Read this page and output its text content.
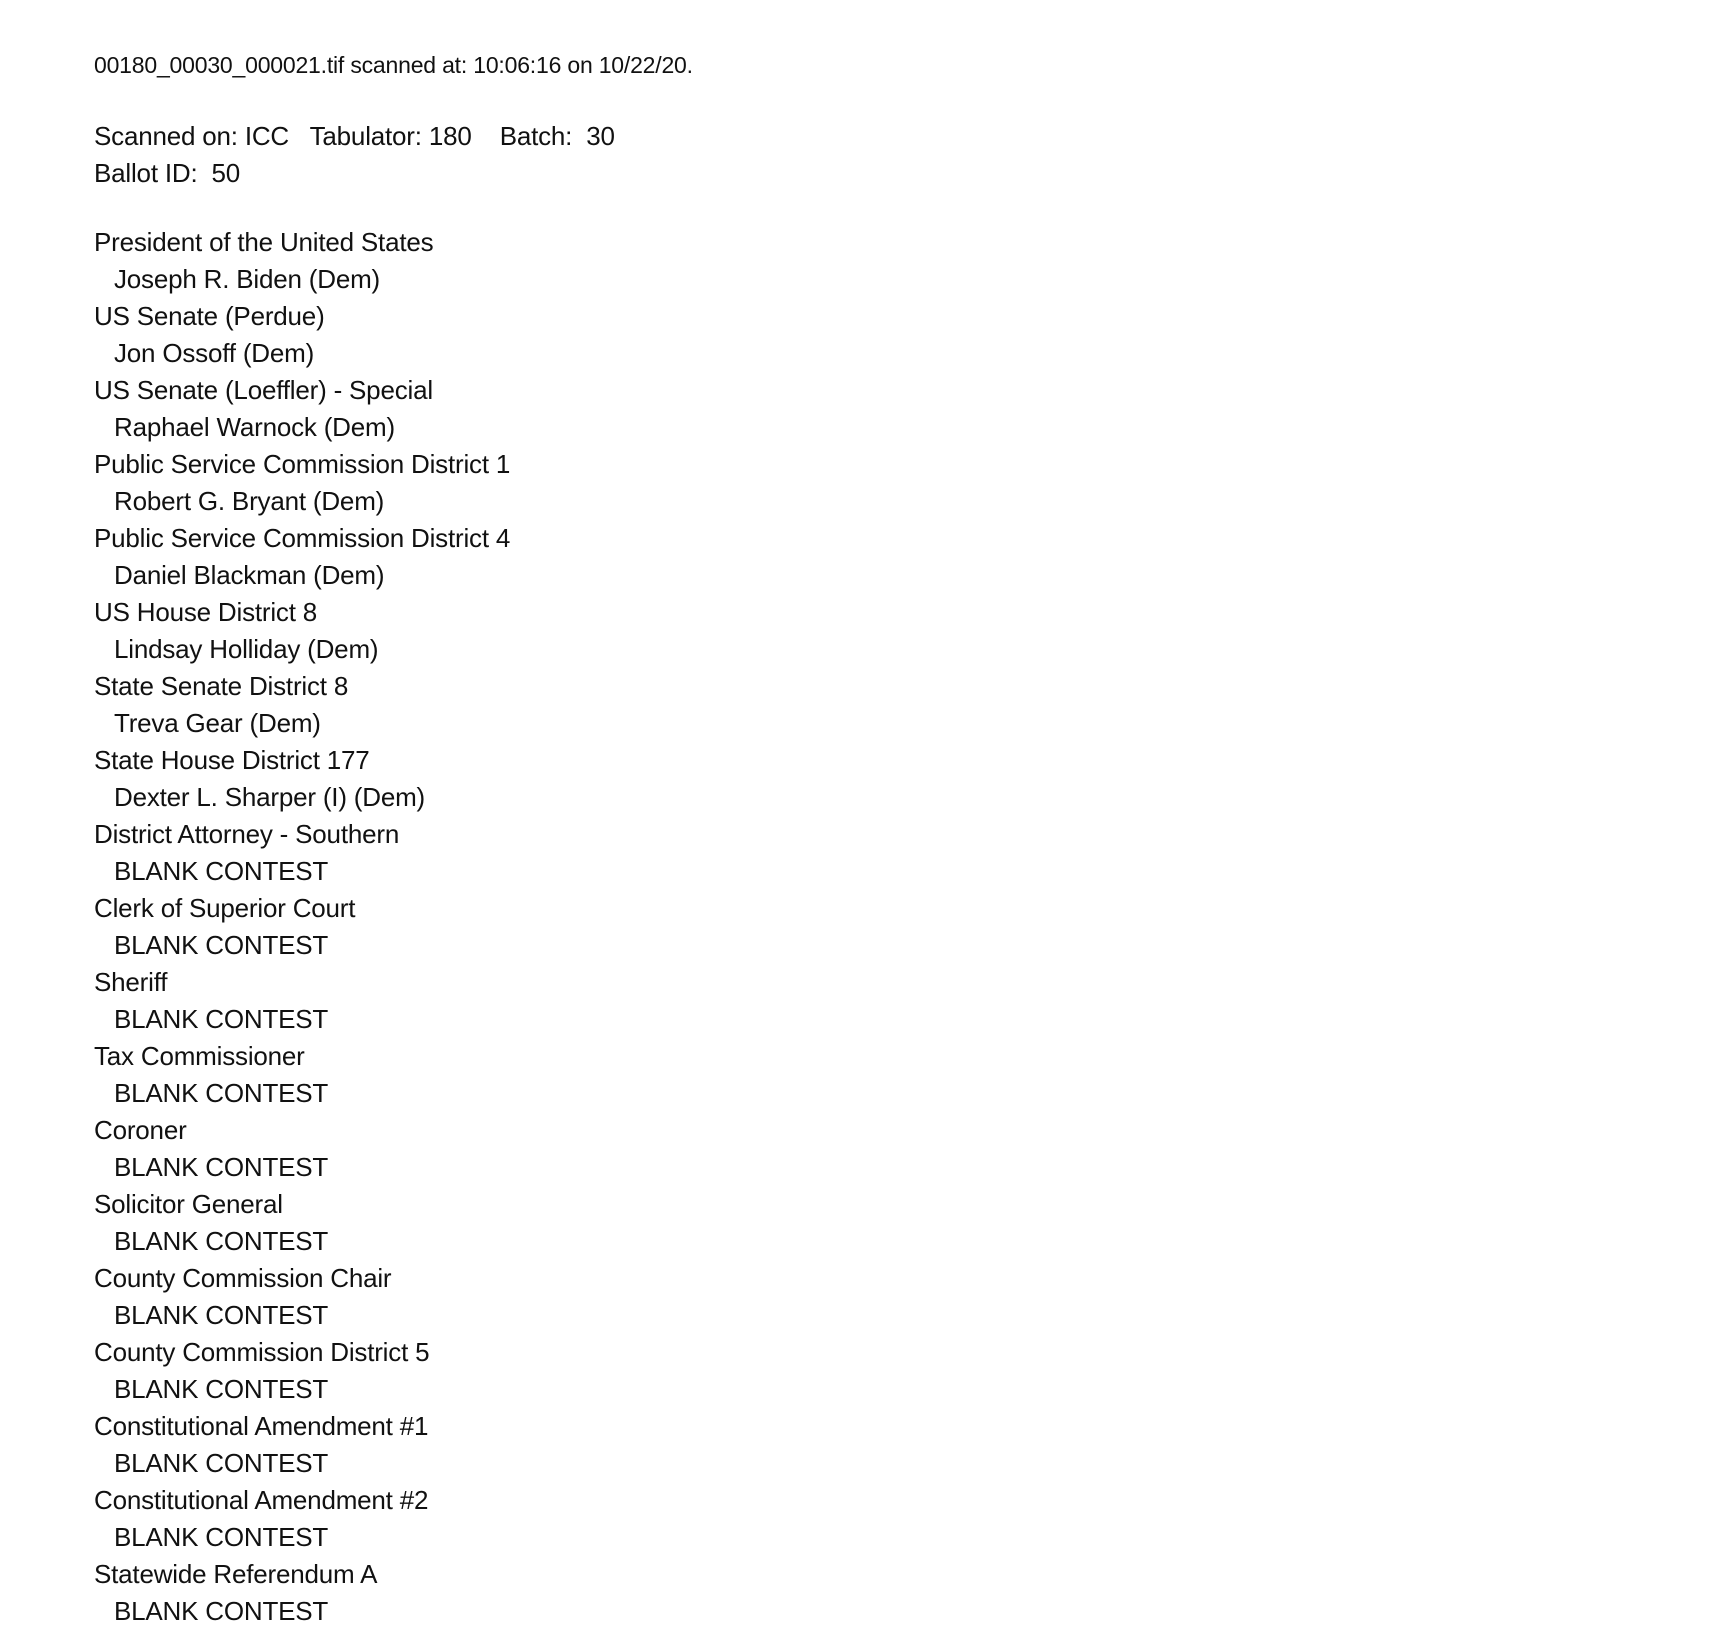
00180_00030_000021.tif scanned at: 10:06:16 on 10/22/20.
Scanned on: ICC   Tabulator: 180    Batch:  30
Ballot ID:  50
President of the United States
Joseph R. Biden (Dem)
US Senate (Perdue)
Jon Ossoff (Dem)
US Senate (Loeffler) - Special
Raphael Warnock (Dem)
Public Service Commission District 1
Robert G. Bryant (Dem)
Public Service Commission District 4
Daniel Blackman (Dem)
US House District 8
Lindsay Holliday (Dem)
State Senate District 8
Treva Gear (Dem)
State House District 177
Dexter L. Sharper (I) (Dem)
District Attorney - Southern
BLANK CONTEST
Clerk of Superior Court
BLANK CONTEST
Sheriff
BLANK CONTEST
Tax Commissioner
BLANK CONTEST
Coroner
BLANK CONTEST
Solicitor General
BLANK CONTEST
County Commission Chair
BLANK CONTEST
County Commission District 5
BLANK CONTEST
Constitutional Amendment #1
BLANK CONTEST
Constitutional Amendment #2
BLANK CONTEST
Statewide Referendum A
BLANK CONTEST
